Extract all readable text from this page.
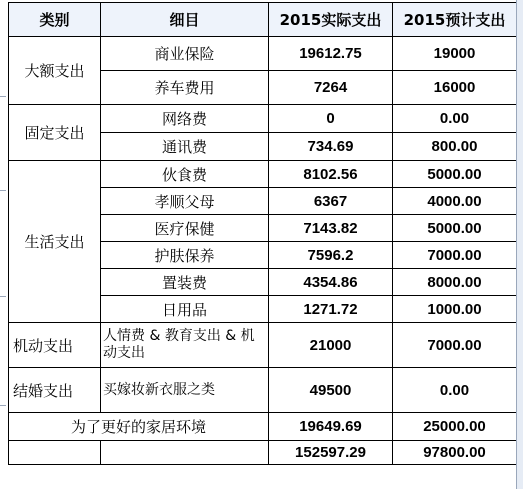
类别	细目	2015实际支出	2015预计支出
大额支出	商业保险	19612.75	19000
	养车费用	7264	16000
固定支出	网络费	0	0.00
	通讯费	734.69	800.00
生活支出	伙食费	8102.56	5000.00
	孝顺父母	6367	4000.00
	医疗保健	7143.82	5000.00
	护肤保养	7596.2	7000.00
	置装费	4354.86	8000.00
	日用品	1271.72	1000.00
机动支出	人情费 & 教育支出 & 机动支出	21000	7000.00
结婚支出	买嫁妆新衣服之类	49500	0.00
为了更好的家居环境		19649.69	25000.00
		152597.29	97800.00
